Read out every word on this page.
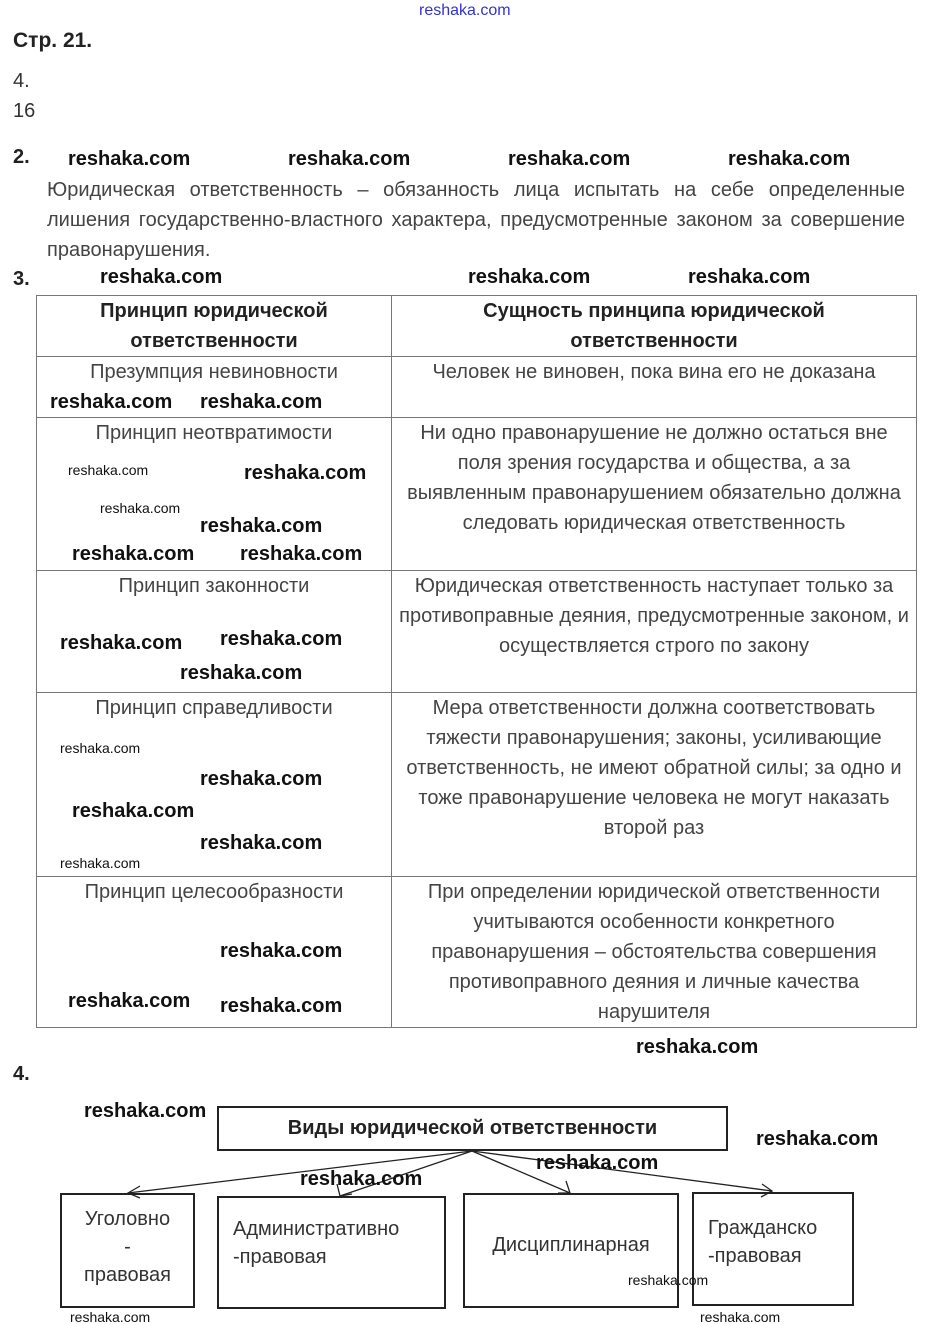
reshaka.com
Стр. 21.
4.
16
2.
Юридическая ответственность – обязанность лица испытать на себе определенные лишения государственно-властного характера, предусмотренные законом за совершение правонарушения.
3.
Принцип юридической ответственности	Сущность принципа юридической ответственности
Презумпция невиновности	Человек не виновен, пока вина его не доказана
Принцип неотвратимости	Ни одно правонарушение не должно остаться вне поля зрения государства и общества, а за выявленным правонарушением обязательно должна следовать юридическая ответственность
Принцип законности	Юридическая ответственность наступает только за противоправные деяния, предусмотренные законом, и осуществляется строго по закону
Принцип справедливости	Мера ответственности должна соответствовать тяжести правонарушения; законы, усиливающие ответственность, не имеют обратной силы; за одно и тоже правонарушение человека не могут наказать второй раз
Принцип целесообразности	При определении юридической ответственности учитываются особенности конкретного правонарушения – обстоятельства совершения противоправного деяния и личные качества нарушителя
4.
Виды юридической ответственности
Уголовно
-
правовая
Административно
-правовая
Дисциплинарная
Гражданско
-правовая
reshaka.com	reshaka.com	reshaka.com	reshaka.com
reshaka.com	reshaka.com	reshaka.com
reshaka.com reshaka.com
reshaka.com	reshaka.com
reshaka.com
reshaka.com
reshaka.com reshaka.com
reshaka.com reshaka.com
reshaka.com
reshaka.com
reshaka.com
reshaka.com
reshaka.com
reshaka.com
reshaka.com
reshaka.com reshaka.com
reshaka.com
reshaka.com
reshaka.com
reshaka.com
reshaka.com
reshaka.com
reshaka.com
reshaka.com
